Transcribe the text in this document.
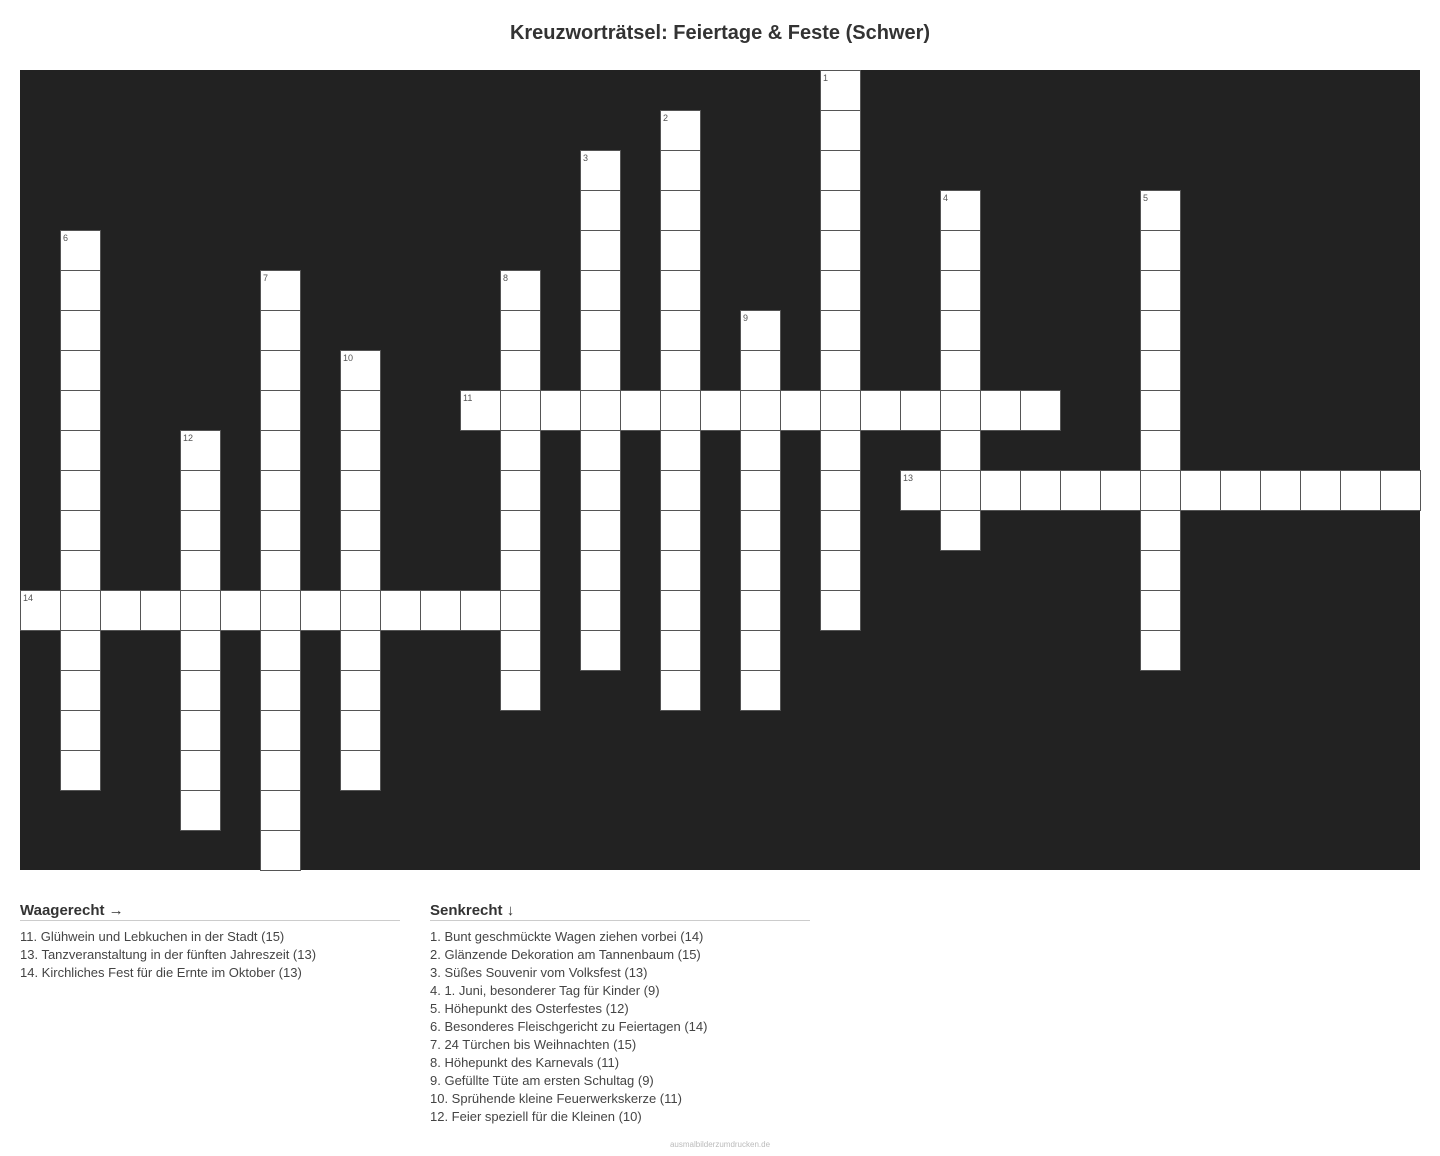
Kreuzworträtsel: Feiertage & Feste (Schwer)
1
2
3
4	5
6
7	8
9
10
11
12
13
14
Waagerecht →
11. Glühwein und Lebkuchen in der Stadt (15)
13. Tanzveranstaltung in der fünften Jahreszeit (13)
14. Kirchliches Fest für die Ernte im Oktober (13)
Senkrecht ↓
1. Bunt geschmückte Wagen ziehen vorbei (14)
2. Glänzende Dekoration am Tannenbaum (15)
3. Süßes Souvenir vom Volksfest (13)
4. 1. Juni, besonderer Tag für Kinder (9)
5. Höhepunkt des Osterfestes (12)
6. Besonderes Fleischgericht zu Feiertagen (14)
7. 24 Türchen bis Weihnachten (15)
8. Höhepunkt des Karnevals (11)
9. Gefüllte Tüte am ersten Schultag (9)
10. Sprühende kleine Feuerwerkskerze (11)
12. Feier speziell für die Kleinen (10)
ausmalbilderzumdrucken.de
